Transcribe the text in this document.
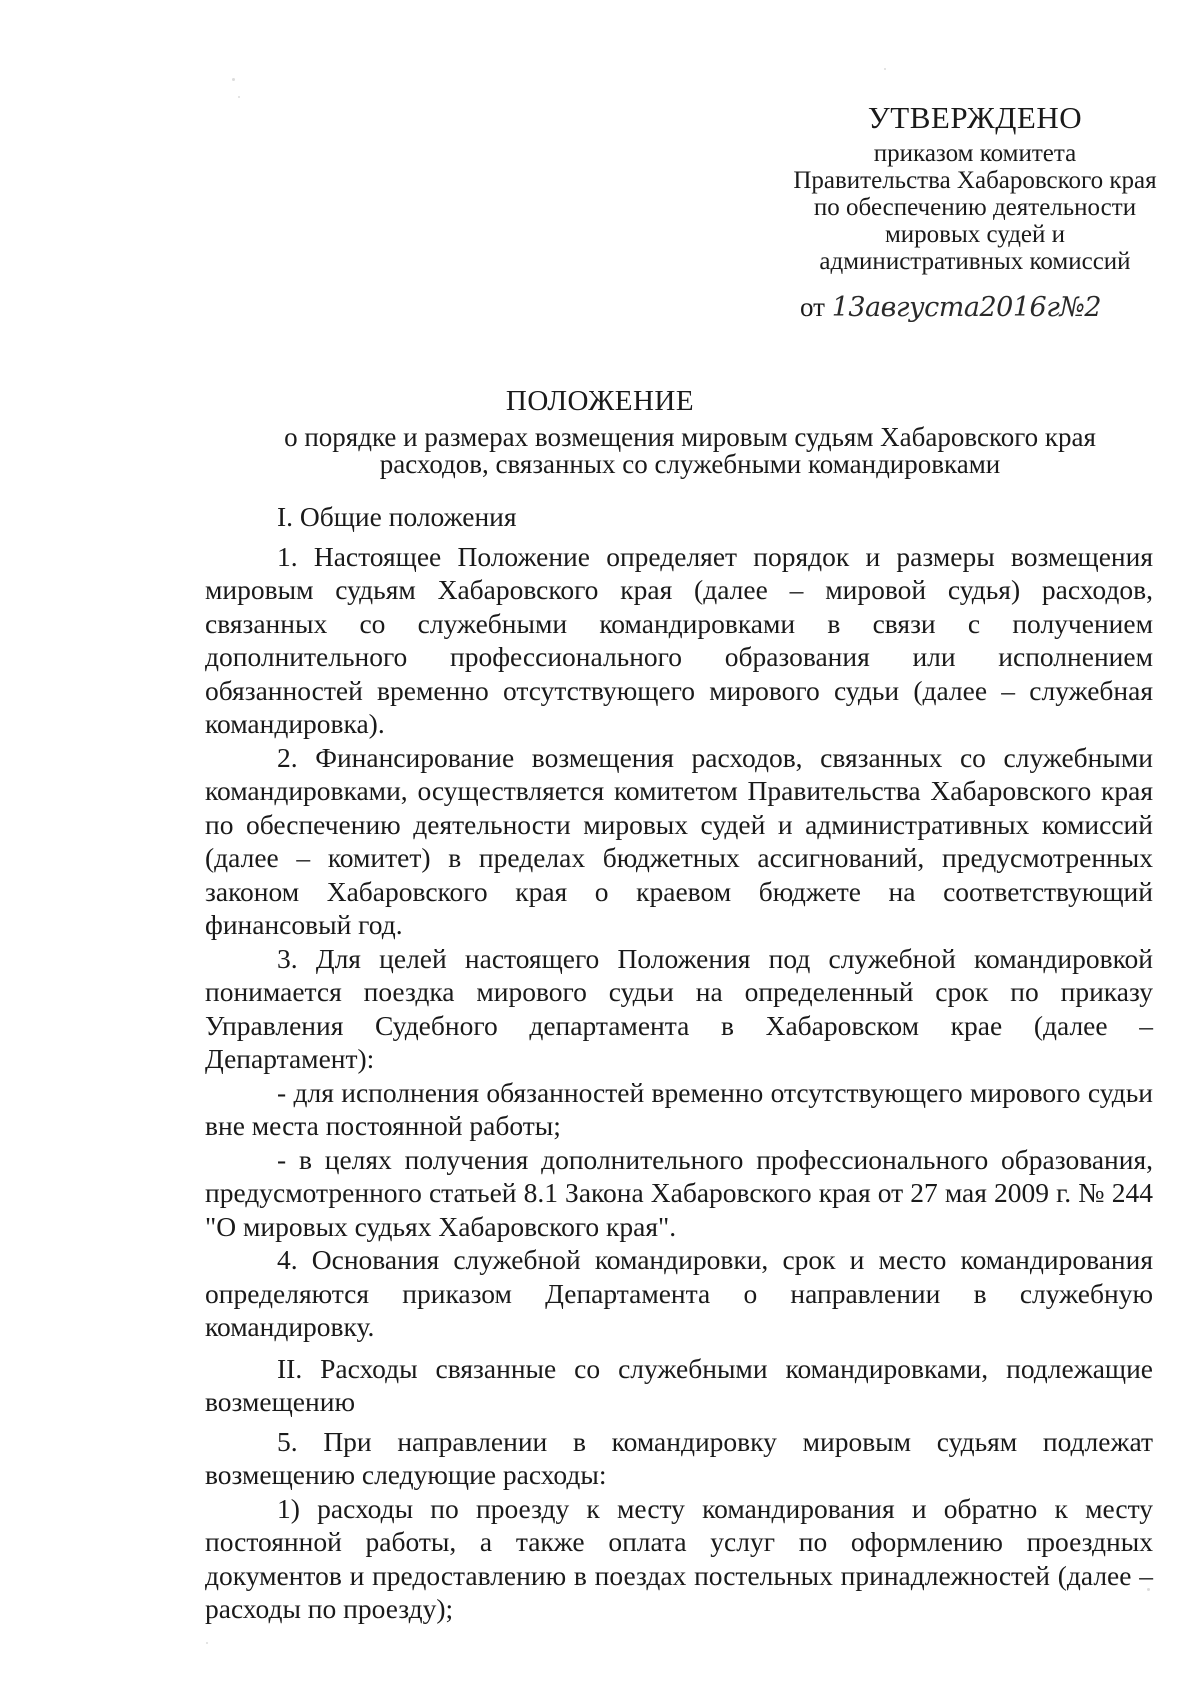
УТВЕРЖДЕНО
приказом комитета
Правительства Хабаровского края
по обеспечению деятельности
мировых судей и
административных комиссий
от 13августа2016г№2
ПОЛОЖЕНИЕ
о порядке и размерах возмещения мировым судьям Хабаровского края
расходов, связанных со служебными командировками

I. Общие положения

1. Настоящее Положение определяет порядок и размеры возмещения мировым судьям Хабаровского края (далее – мировой судья) расходов, связанных со служебными командировками в связи с получением дополнительного профессионального образования или исполнением обязанностей временно отсутствующего мирового судьи (далее – служебная командировка).

2. Финансирование возмещения расходов, связанных со служебными командировками, осуществляется комитетом Правительства Хабаровского края по обеспечению деятельности мировых судей и административных комиссий (далее – комитет) в пределах бюджетных ассигнований, предусмотренных законом Хабаровского края о краевом бюджете на соответствующий финансовый год.

3. Для целей настоящего Положения под служебной командировкой понимается поездка мирового судьи на определенный срок по приказу Управления Судебного департамента в Хабаровском крае (далее – Департамент):

- для исполнения обязанностей временно отсутствующего мирового судьи вне места постоянной работы;

- в целях получения дополнительного профессионального образования, предусмотренного статьей 8.1 Закона Хабаровского края от 27 мая 2009 г. № 244 "О мировых судьях Хабаровского края".

4. Основания служебной командировки, срок и место командирования определяются приказом Департамента о направлении в служебную командировку.

II. Расходы связанные со служебными командировками, подлежащие возмещению

5. При направлении в командировку мировым судьям подлежат возмещению следующие расходы:

1) расходы по проезду к месту командирования и обратно к месту постоянной работы, а также оплата услуг по оформлению проездных документов и предоставлению в поездах постельных принадлежностей (далее – расходы по проезду);
